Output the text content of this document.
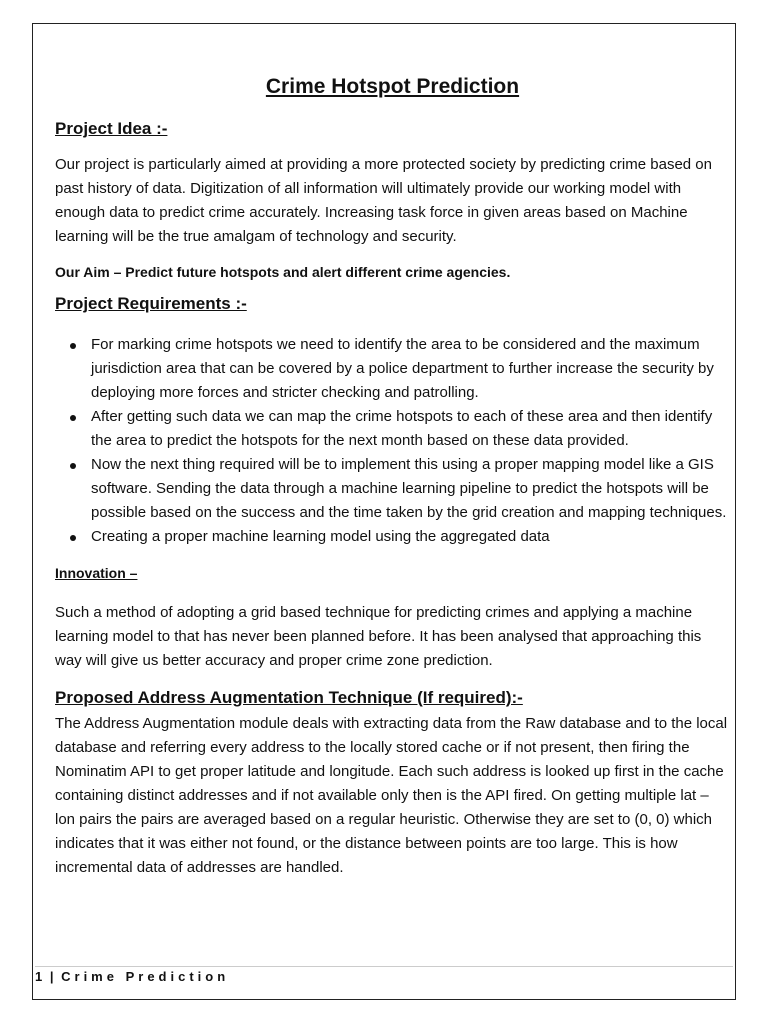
Crime Hotspot Prediction
Project Idea :-

Our project is particularly aimed at providing a more protected society by predicting crime based on past history of data. Digitization of all information will ultimately provide our working model with enough data to predict crime accurately. Increasing task force in given areas based on Machine learning will be the true amalgam of technology and security.

Our Aim – Predict future hotspots and alert different crime agencies.

Project Requirements :-
For marking crime hotspots we need to identify the area to be considered and the maximum jurisdiction area that can be covered by a police department to further increase the security by deploying more forces and stricter checking and patrolling.
After getting such data we can map the crime hotspots to each of these area and then identify the area to predict the hotspots for the next month based on these data provided.
Now the next thing required will be to implement this using a proper mapping model like a GIS software. Sending the data through a machine learning pipeline to predict the hotspots will be possible based on the success and the time taken by the grid creation and mapping techniques.
Creating a proper machine learning model using the aggregated data
Innovation –

Such a method of adopting a grid based technique for predicting crimes and applying a machine learning model to that has never been planned before. It has been analysed that approaching this way will give us better accuracy and proper crime zone prediction.

Proposed Address Augmentation Technique (If required):-

The Address Augmentation module deals with extracting data from the Raw database and to the local database and referring every address to the locally stored cache or if not present, then firing the Nominatim API to get proper latitude and longitude. Each such address is looked up first in the cache containing distinct addresses and if not available only then is the API fired. On getting multiple lat – lon pairs the pairs are averaged based on a regular heuristic. Otherwise they are set to (0, 0) which indicates that it was either not found, or the distance between points are too large. This is how incremental data of addresses are handled.

1 | Crime Prediction
